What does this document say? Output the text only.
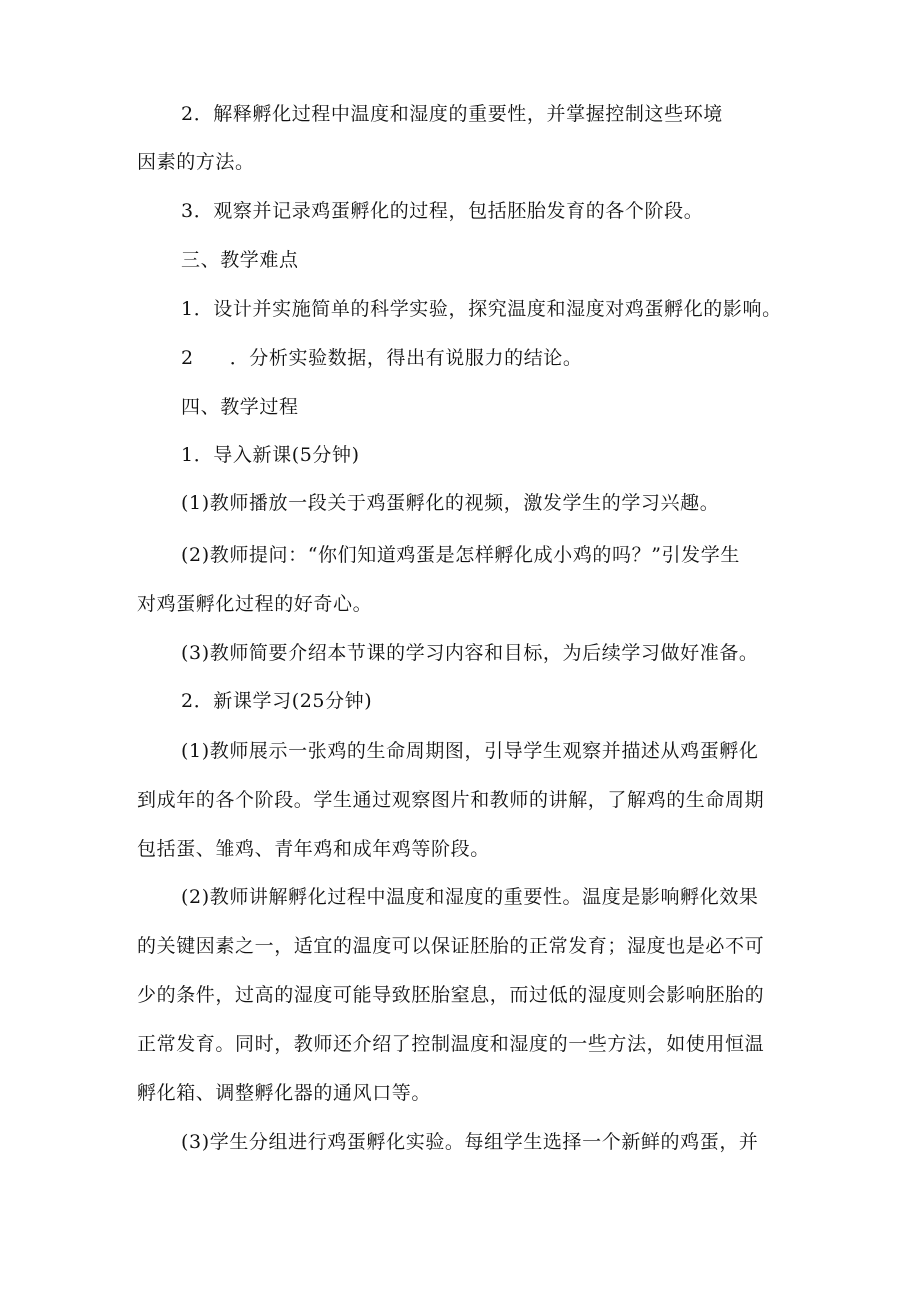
2．解释孵化过程中温度和湿度的重要性，并掌握控制这些环境
因素的方法。
3．观察并记录鸡蛋孵化的过程，包括胚胎发育的各个阶段。
三、教学难点
1．设计并实施简单的科学实验，探究温度和湿度对鸡蛋孵化的影响。
2 ．分析实验数据，得出有说服力的结论。
四、教学过程
1．导入新课(5分钟)
(1)教师播放一段关于鸡蛋孵化的视频，激发学生的学习兴趣。
(2)教师提问：“你们知道鸡蛋是怎样孵化成小鸡的吗？”引发学生
对鸡蛋孵化过程的好奇心。
(3)教师简要介绍本节课的学习内容和目标，为后续学习做好准备。
2．新课学习(25分钟)
(1)教师展示一张鸡的生命周期图，引导学生观察并描述从鸡蛋孵化
到成年的各个阶段。学生通过观察图片和教师的讲解，了解鸡的生命周期
包括蛋、雏鸡、青年鸡和成年鸡等阶段。
(2)教师讲解孵化过程中温度和湿度的重要性。温度是影响孵化效果
的关键因素之一，适宜的温度可以保证胚胎的正常发育；湿度也是必不可
少的条件，过高的湿度可能导致胚胎窒息，而过低的湿度则会影响胚胎的
正常发育。同时，教师还介绍了控制温度和湿度的一些方法，如使用恒温
孵化箱、调整孵化器的通风口等。
(3)学生分组进行鸡蛋孵化实验。每组学生选择一个新鲜的鸡蛋，并
